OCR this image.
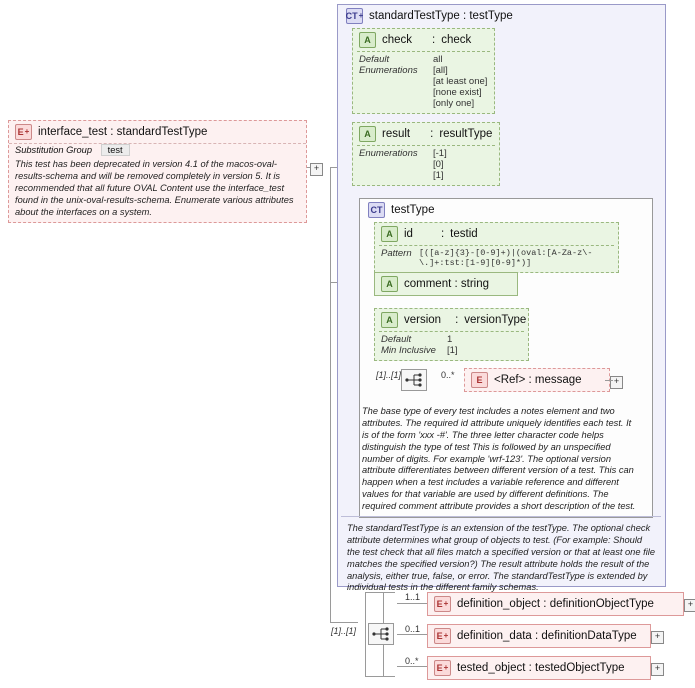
+
E + interface_test : standardTestType
Substitution Group test
This test has been deprecated in version 4.1 of the macos-oval-results-schema and will be removed completely in version 5. It is recommended that all future OVAL Content use the interface_test found in the unix-oval-results-schema. Enumerate various attributes about the interfaces on a system.
CT + standardTestType : testType
A check : check
Default	all
Enumerations	[all]
[at least one]
[none exist]
[only one]
A result : resultType
Enumerations	[-1]
[0]
[1]
CT testType
A id : testid
Pattern [([a-z]{3}-[0-9]+)|(oval:[A-Za-z\-\.]+:tst:[1-9][0-9]*)]
A comment : string
A version : versionType
Default	1
Min Inclusive	[1]
[1]..[1]	0..*	E	<Ref> : message	+
The base type of every test includes a notes element and two attributes. The required id attribute uniquely identifies each test. It is of the form 'xxx -#'. The three letter character code helps distinguish the type of test This is followed by an unspecified number of digits. For example 'wrf-123'. The optional version attribute differentiates between different version of a test. This can happen when a test includes a variable reference and different values for that variable are used by different definitions. The required comment attribute provides a short description of the test.
The standardTestType is an extension of the testType. The optional check attribute determines what group of objects to test. (For example: Should the test check that all files match a specified version or that at least one file matches the specified version?) The result attribute holds the result of the analysis, either true, false, or error. The standardTestType is extended by individual tests in the different family schemas.
[1]..[1]
1..1
E + definition_object : definitionObjectType	+
0..1
E + definition_data : definitionDataType	+
0..*
E + tested_object : testedObjectType	+
